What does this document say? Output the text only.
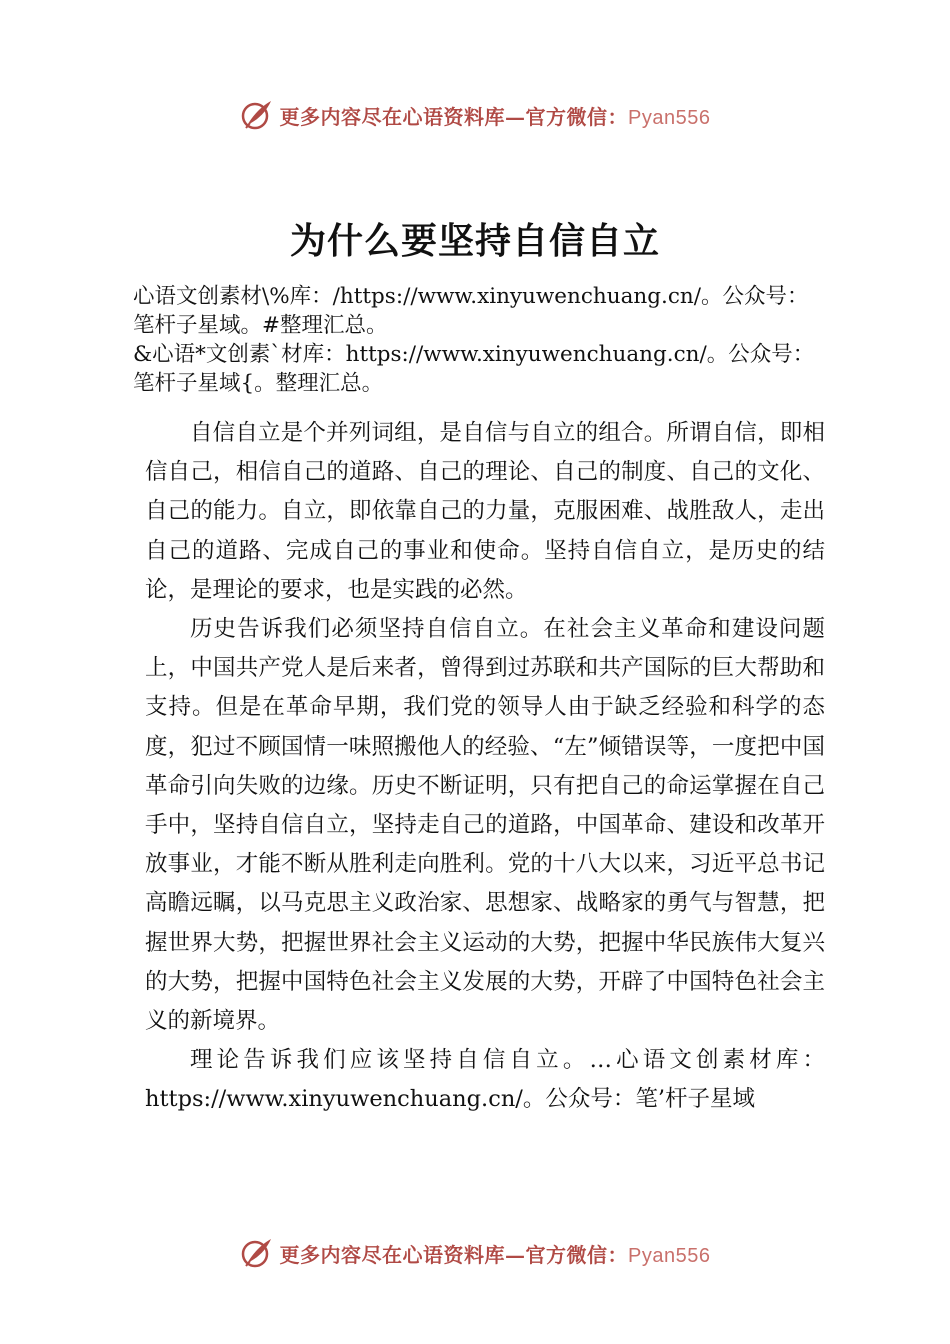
更多内容尽在心语资料库—官方微信：Pyan556
为什么要坚持自信自立

心语文创素材\%库：/https://www.xinyuwenchuang.cn/。公众号：笔杆子星域。#整理汇总。

&心语*文创素`材库：https://www.xinyuwenchuang.cn/。公众号：笔杆子星域{。整理汇总。

自信自立是个并列词组，是自信与自立的组合。所谓自信，即相信自己，相信自己的道路、自己的理论、自己的制度、自己的文化、自己的能力。自立，即依靠自己的力量，克服困难、战胜敌人，走出自己的道路、完成自己的事业和使命。坚持自信自立，是历史的结论，是理论的要求，也是实践的必然。

历史告诉我们必须坚持自信自立。在社会主义革命和建设问题上，中国共产党人是后来者，曾得到过苏联和共产国际的巨大帮助和支持。但是在革命早期，我们党的领导人由于缺乏经验和科学的态度，犯过不顾国情一味照搬他人的经验、“左”倾错误等，一度把中国革命引向失败的边缘。历史不断证明，只有把自己的命运掌握在自己手中，坚持自信自立，坚持走自己的道路，中国革命、建设和改革开放事业，才能不断从胜利走向胜利。党的十八大以来，习近平总书记高瞻远瞩，以马克思主义政治家、思想家、战略家的勇气与智慧，把握世界大势，把握世界社会主义运动的大势，把握中华民族伟大复兴的大势，把握中国特色社会主义发展的大势，开辟了中国特色社会主义的新境界。

理论告诉我们应该坚持自信自立。…心语文创素材库：https://www.xinyuwenchuang.cn/。公众号：笔’杆子星域

更多内容尽在心语资料库—官方微信：Pyan556
